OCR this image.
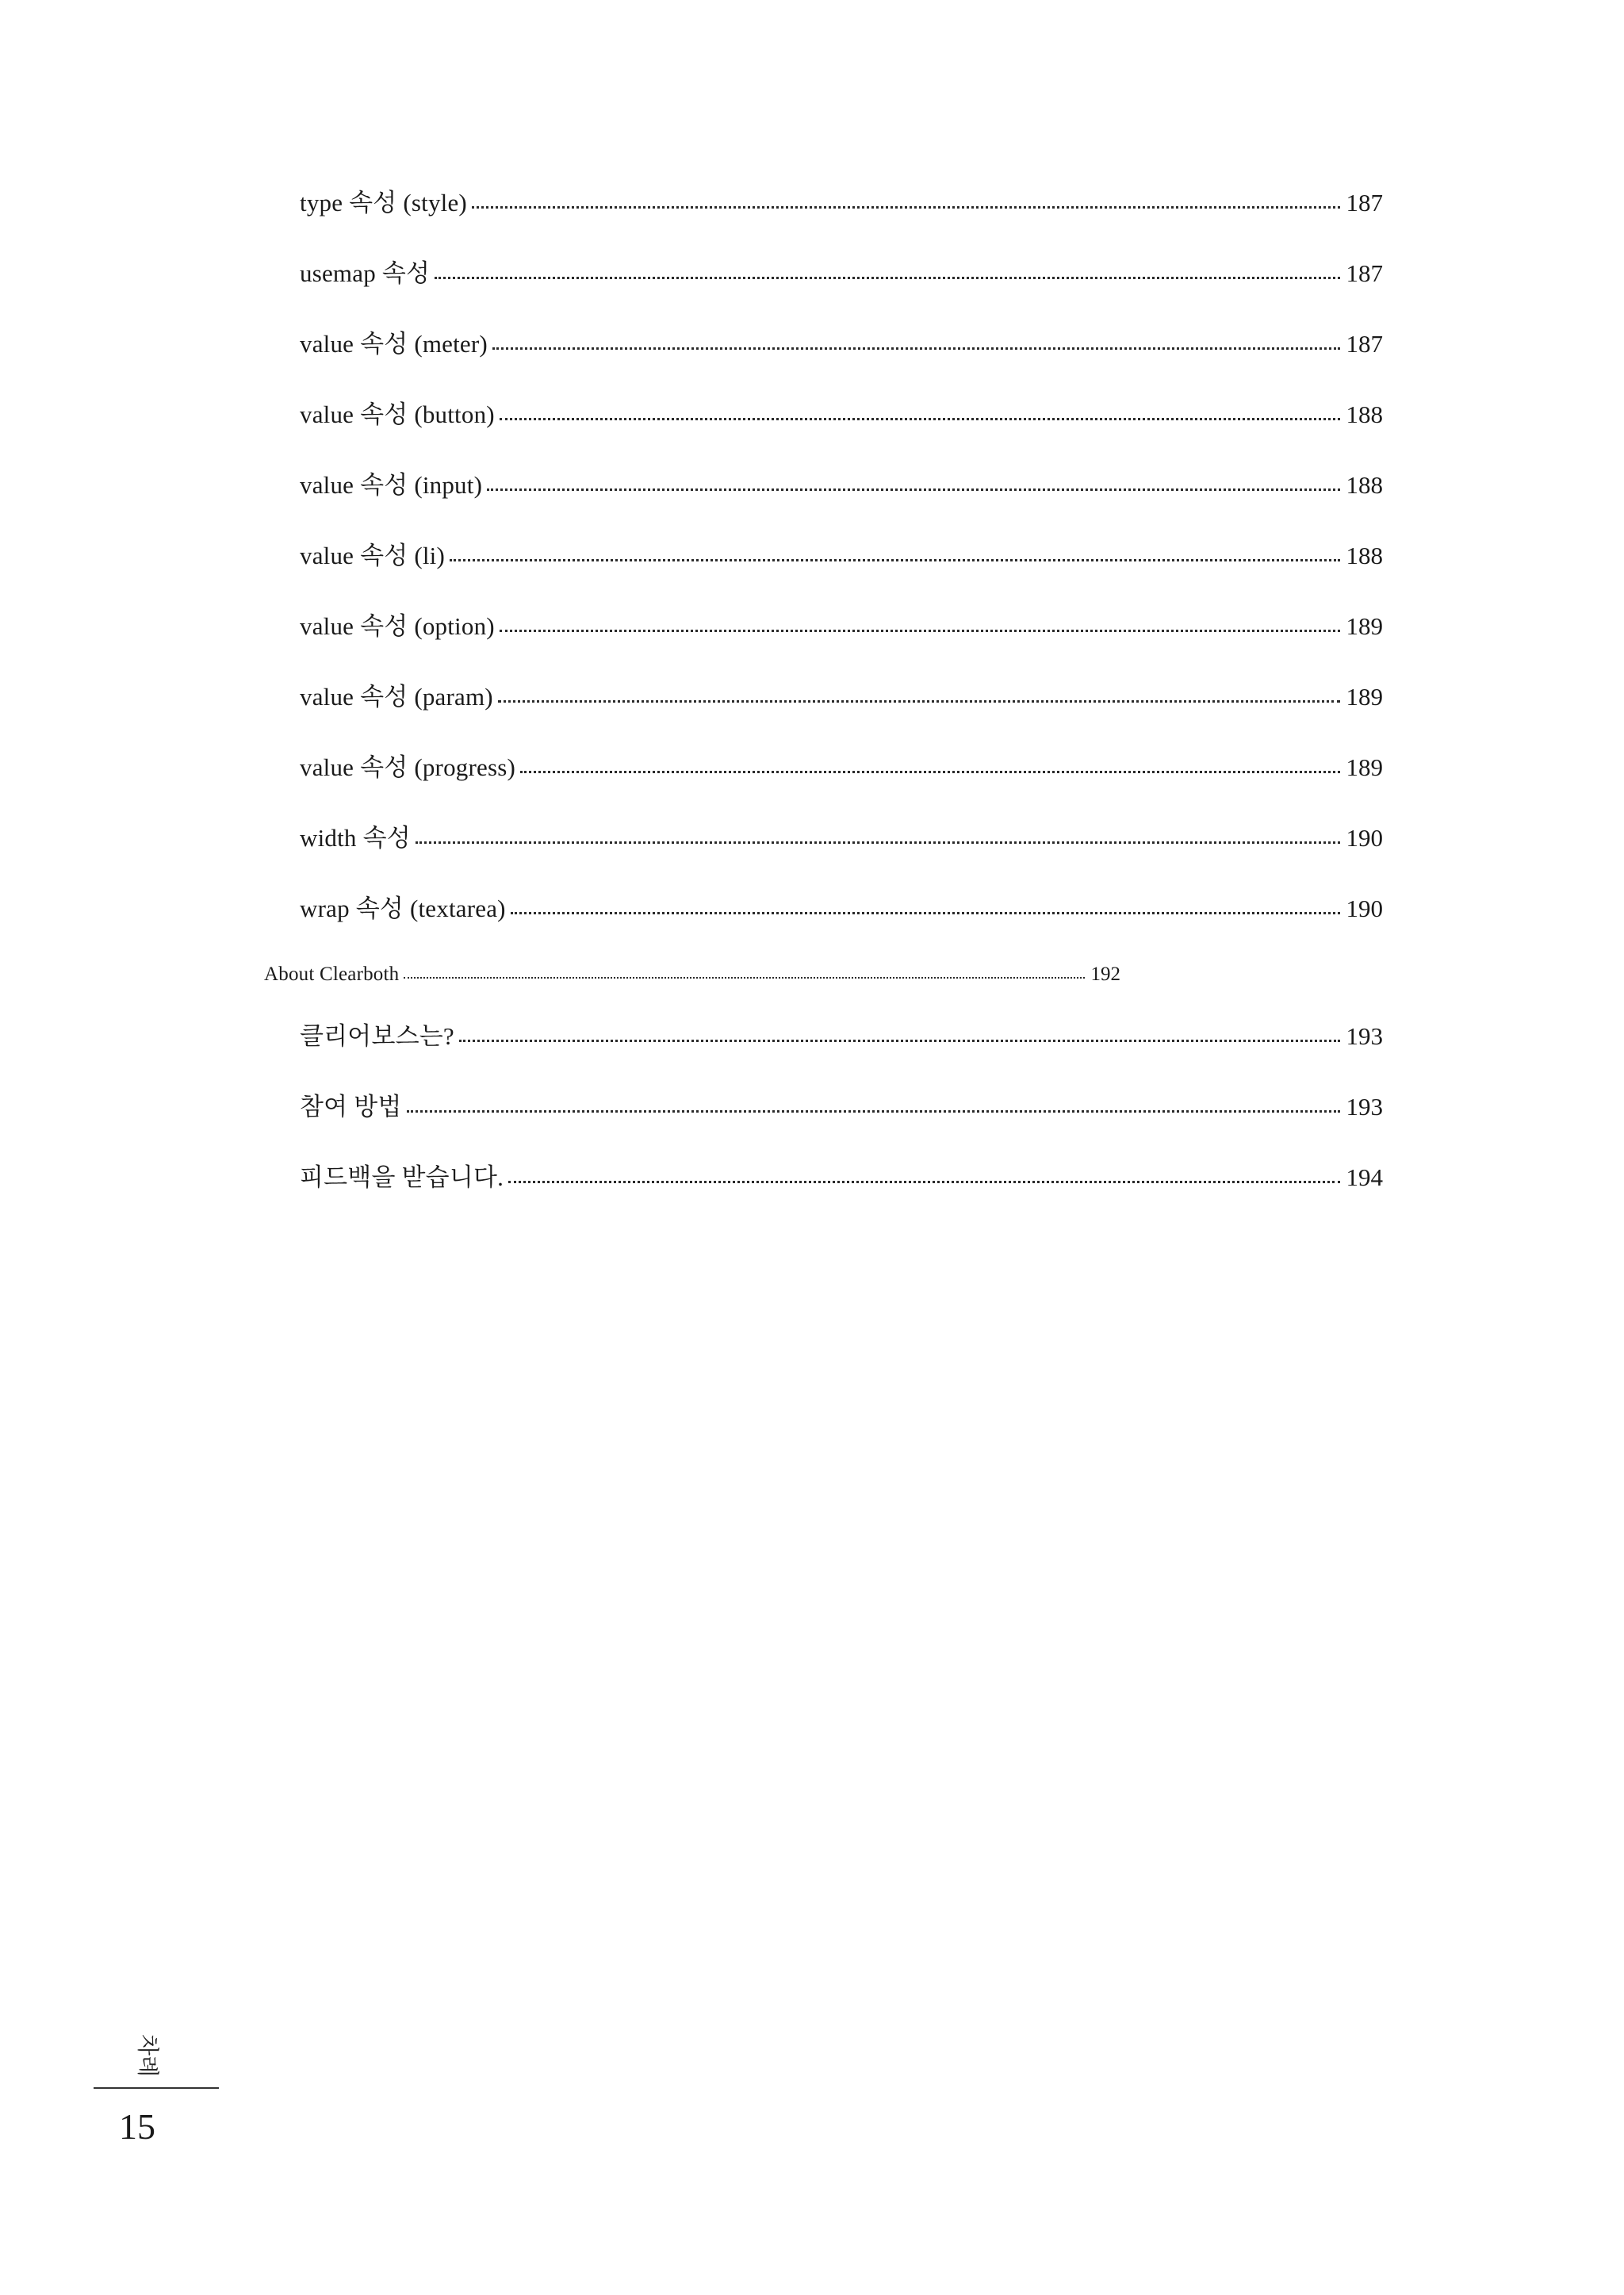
type 속성 (style)	187
usemap 속성	187
value 속성 (meter)	187
value 속성 (button)	188
value 속성 (input)	188
value 속성 (li)	188
value 속성 (option)	189
value 속성 (param)	189
value 속성 (progress)	189
width 속성	190
wrap 속성 (textarea)	190
About Clearboth	192
클리어보스는?	193
참여 방법	193
피드백을 받습니다.	194
차례
15
